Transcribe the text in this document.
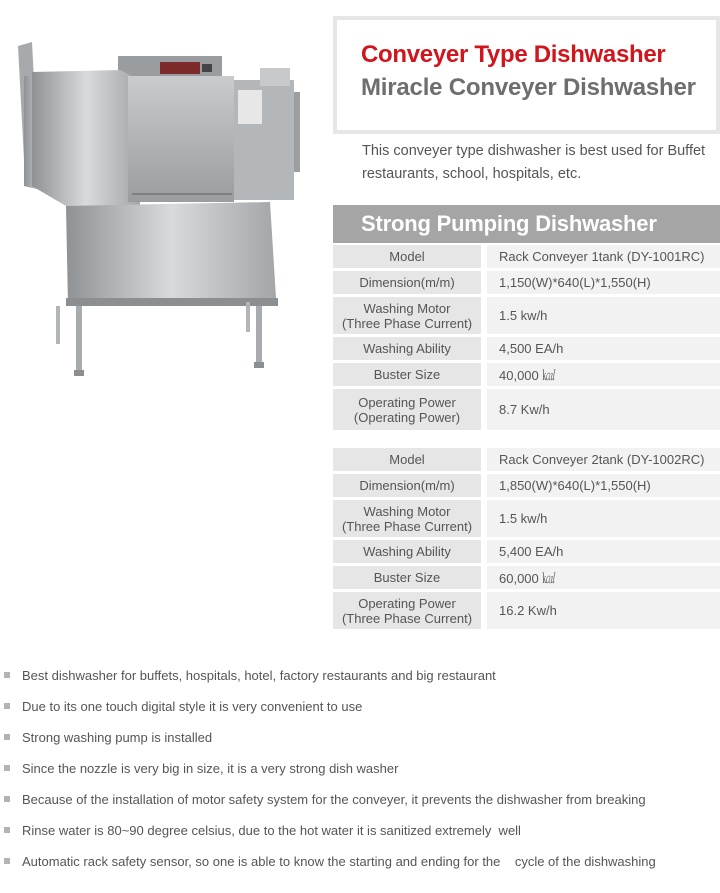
Conveyer Type Dishwasher
Miracle Conveyer Dishwasher

This conveyer type dishwasher is best used for Buffet restaurants, school, hospitals, etc.

Strong Pumping Dishwasher
Model		Rack Conveyer 1tank (DY-1001RC)
Dimension(m/m)		1,150(W)*640(L)*1,550(H)
Washing Motor
(Three Phase Current)		1.5 kw/h
Washing Ability		4,500 EA/h
Buster Size		40,000 ㎉
Operating Power
(Operating Power)		8.7 Kw/h
Model		Rack Conveyer 2tank (DY-1002RC)
Dimension(m/m)		1,850(W)*640(L)*1,550(H)
Washing Motor
(Three Phase Current)		1.5 kw/h
Washing Ability		5,400 EA/h
Buster Size		60,000 ㎉
Operating Power
(Three Phase Current)		16.2 Kw/h
Best dishwasher for buffets, hospitals, hotel, factory restaurants and big restaurant
Due to its one touch digital style it is very convenient to use
Strong washing pump is installed
Since the nozzle is very big in size, it is a very strong dish washer
Because of the installation of motor safety system for the conveyer, it prevents the dishwasher from breaking
Rinse water is 80~90 degree celsius, due to the hot water it is sanitized extremely  well
Automatic rack safety sensor, so one is able to know the starting and ending for the    cycle of the dishwashing
